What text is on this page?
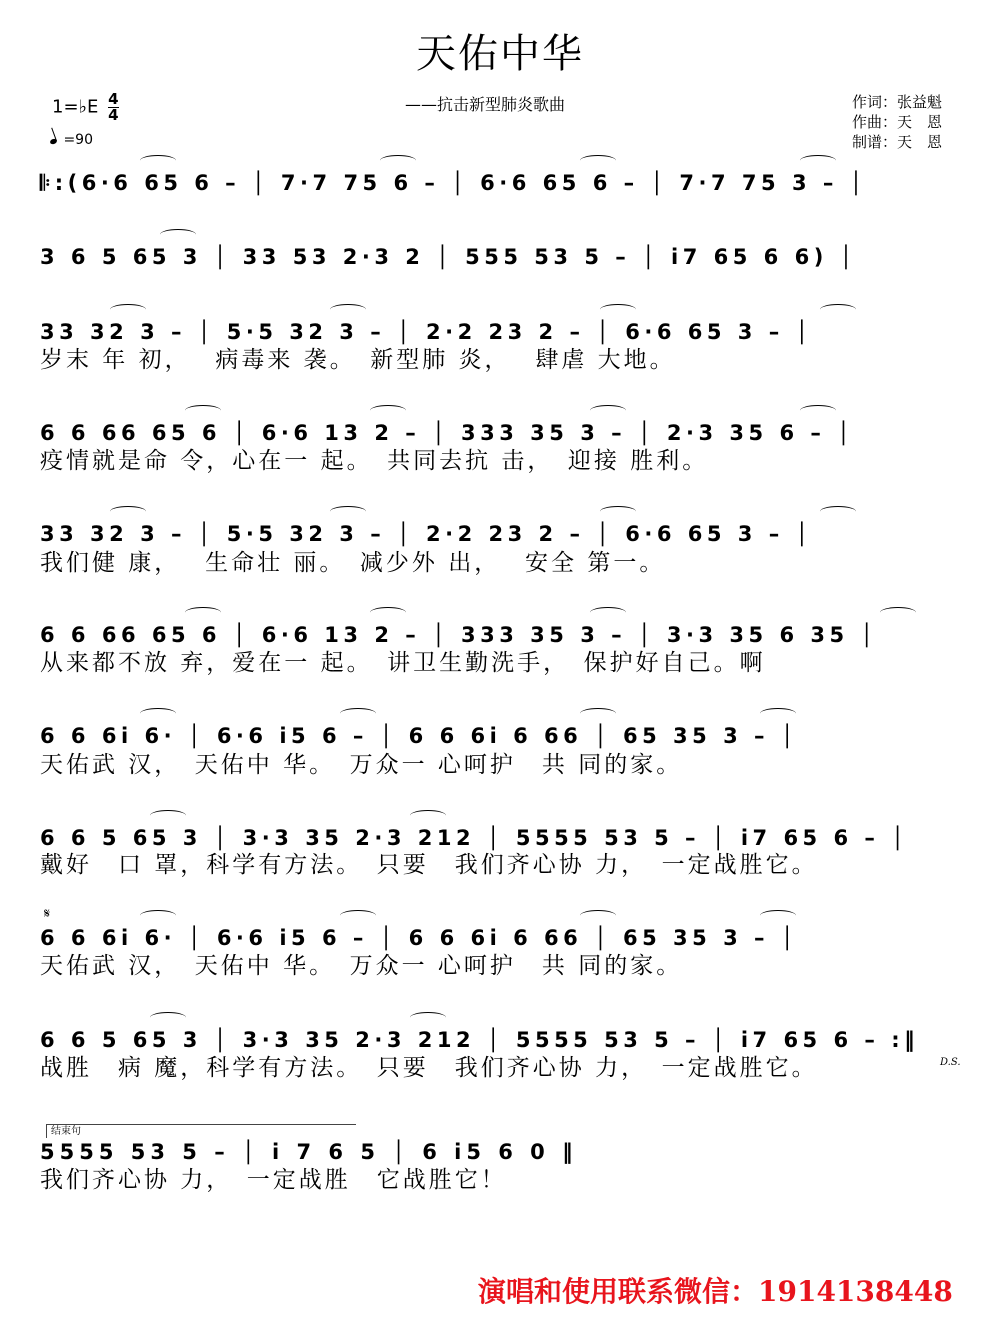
天佑中华
——抗击新型肺炎歌曲	作词：张益魁
作曲：天　恩
制谱：天　恩
1=♭E $\frac{4}{4}$
=90
𝄋
D.S.
结束句
𝄆:(6·6 65 6 – │ 7·7 75 6 – │ 6·6 65 6 – │ 7·7 75 3 – │
3 6 5 65 3 │ 33 53 2·3 2 │ 555 53 5 – │ i7 65 6 6) │
33 32 3 – │ 5·5 32 3 – │ 2·2 23 2 – │ 6·6 65 3 – │
6 6 66 65 6 │ 6·6 13 2 – │ 333 35 3 – │ 2·3 35 6 – │
33 32 3 – │ 5·5 32 3 – │ 2·2 23 2 – │ 6·6 65 3 – │
6 6 66 65 6 │ 6·6 13 2 – │ 333 35 3 – │ 3·3 35 6 35 │
6 6 6i 6· │ 6·6 i5 6 – │ 6 6 6i 6 66 │ 65 35 3 – │
6 6 5 65 3 │ 3·3 35 2·3 212 │ 5555 53 5 – │ i7 65 6 – │
6 6 6i 6· │ 6·6 i5 6 – │ 6 6 6i 6 66 │ 65 35 3 – │
6 6 5 65 3 │ 3·3 35 2·3 212 │ 5555 53 5 – │ i7 65 6 – :‖
5555 53 5 – │ i 7 6 5 │ 6 i5 6 0 ‖
演唱和使用联系微信：1914138448
岁末 年 初，　 病毒来 袭。　新型肺 炎，　 肆虐 大地。
疫情就是命 令，心在一 起。　共同去抗 击，　迎接 胜利。
我们健 康，　 生命壮 丽。　减少外 出，　 安全 第一。
从来都不放 弃，爱在一 起。　讲卫生勤洗手，　保护好自己。啊
天佑武 汉，　天佑中 华。　万众一 心呵护　共 同的家。
戴好　口 罩，科学有方法。　只要　我们齐心协 力，　一定战胜它。
天佑武 汉，　天佑中 华。　万众一 心呵护　共 同的家。
战胜　病 魔，科学有方法。　只要　我们齐心协 力，　一定战胜它。
我们齐心协 力，　一定战胜　它战胜它！
